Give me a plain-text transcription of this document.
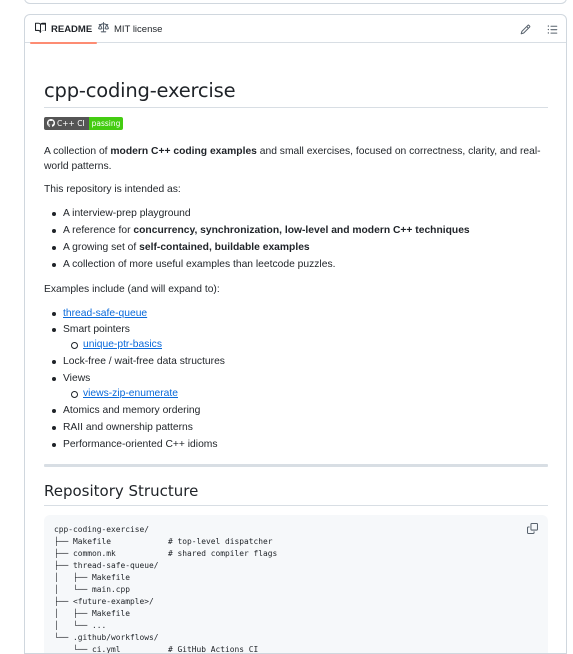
README MIT license
cpp-coding-exercise
C++ CI passing

A collection of modern C++ coding examples and small exercises, focused on correctness, clarity, and real-world patterns.

This repository is intended as:

A interview-prep playground
A reference for concurrency, synchronization, low-level and modern C++ techniques
A growing set of self-contained, buildable examples
A collection of more useful examples than leetcode puzzles.

Examples include (and will expand to):

thread-safe-queue
Smart pointers
unique-ptr-basics
Lock-free / wait-free data structures
Views
views-zip-enumerate
Atomics and memory ordering
RAII and ownership patterns
Performance-oriented C++ idioms
Repository Structure
cpp-coding-exercise/
├── Makefile            # top-level dispatcher
├── common.mk           # shared compiler flags
├── thread-safe-queue/
│   ├── Makefile
│   └── main.cpp
├── <future-example>/
│   ├── Makefile
│   └── ...
└── .github/workflows/
└── ci.yml          # GitHub Actions CI
